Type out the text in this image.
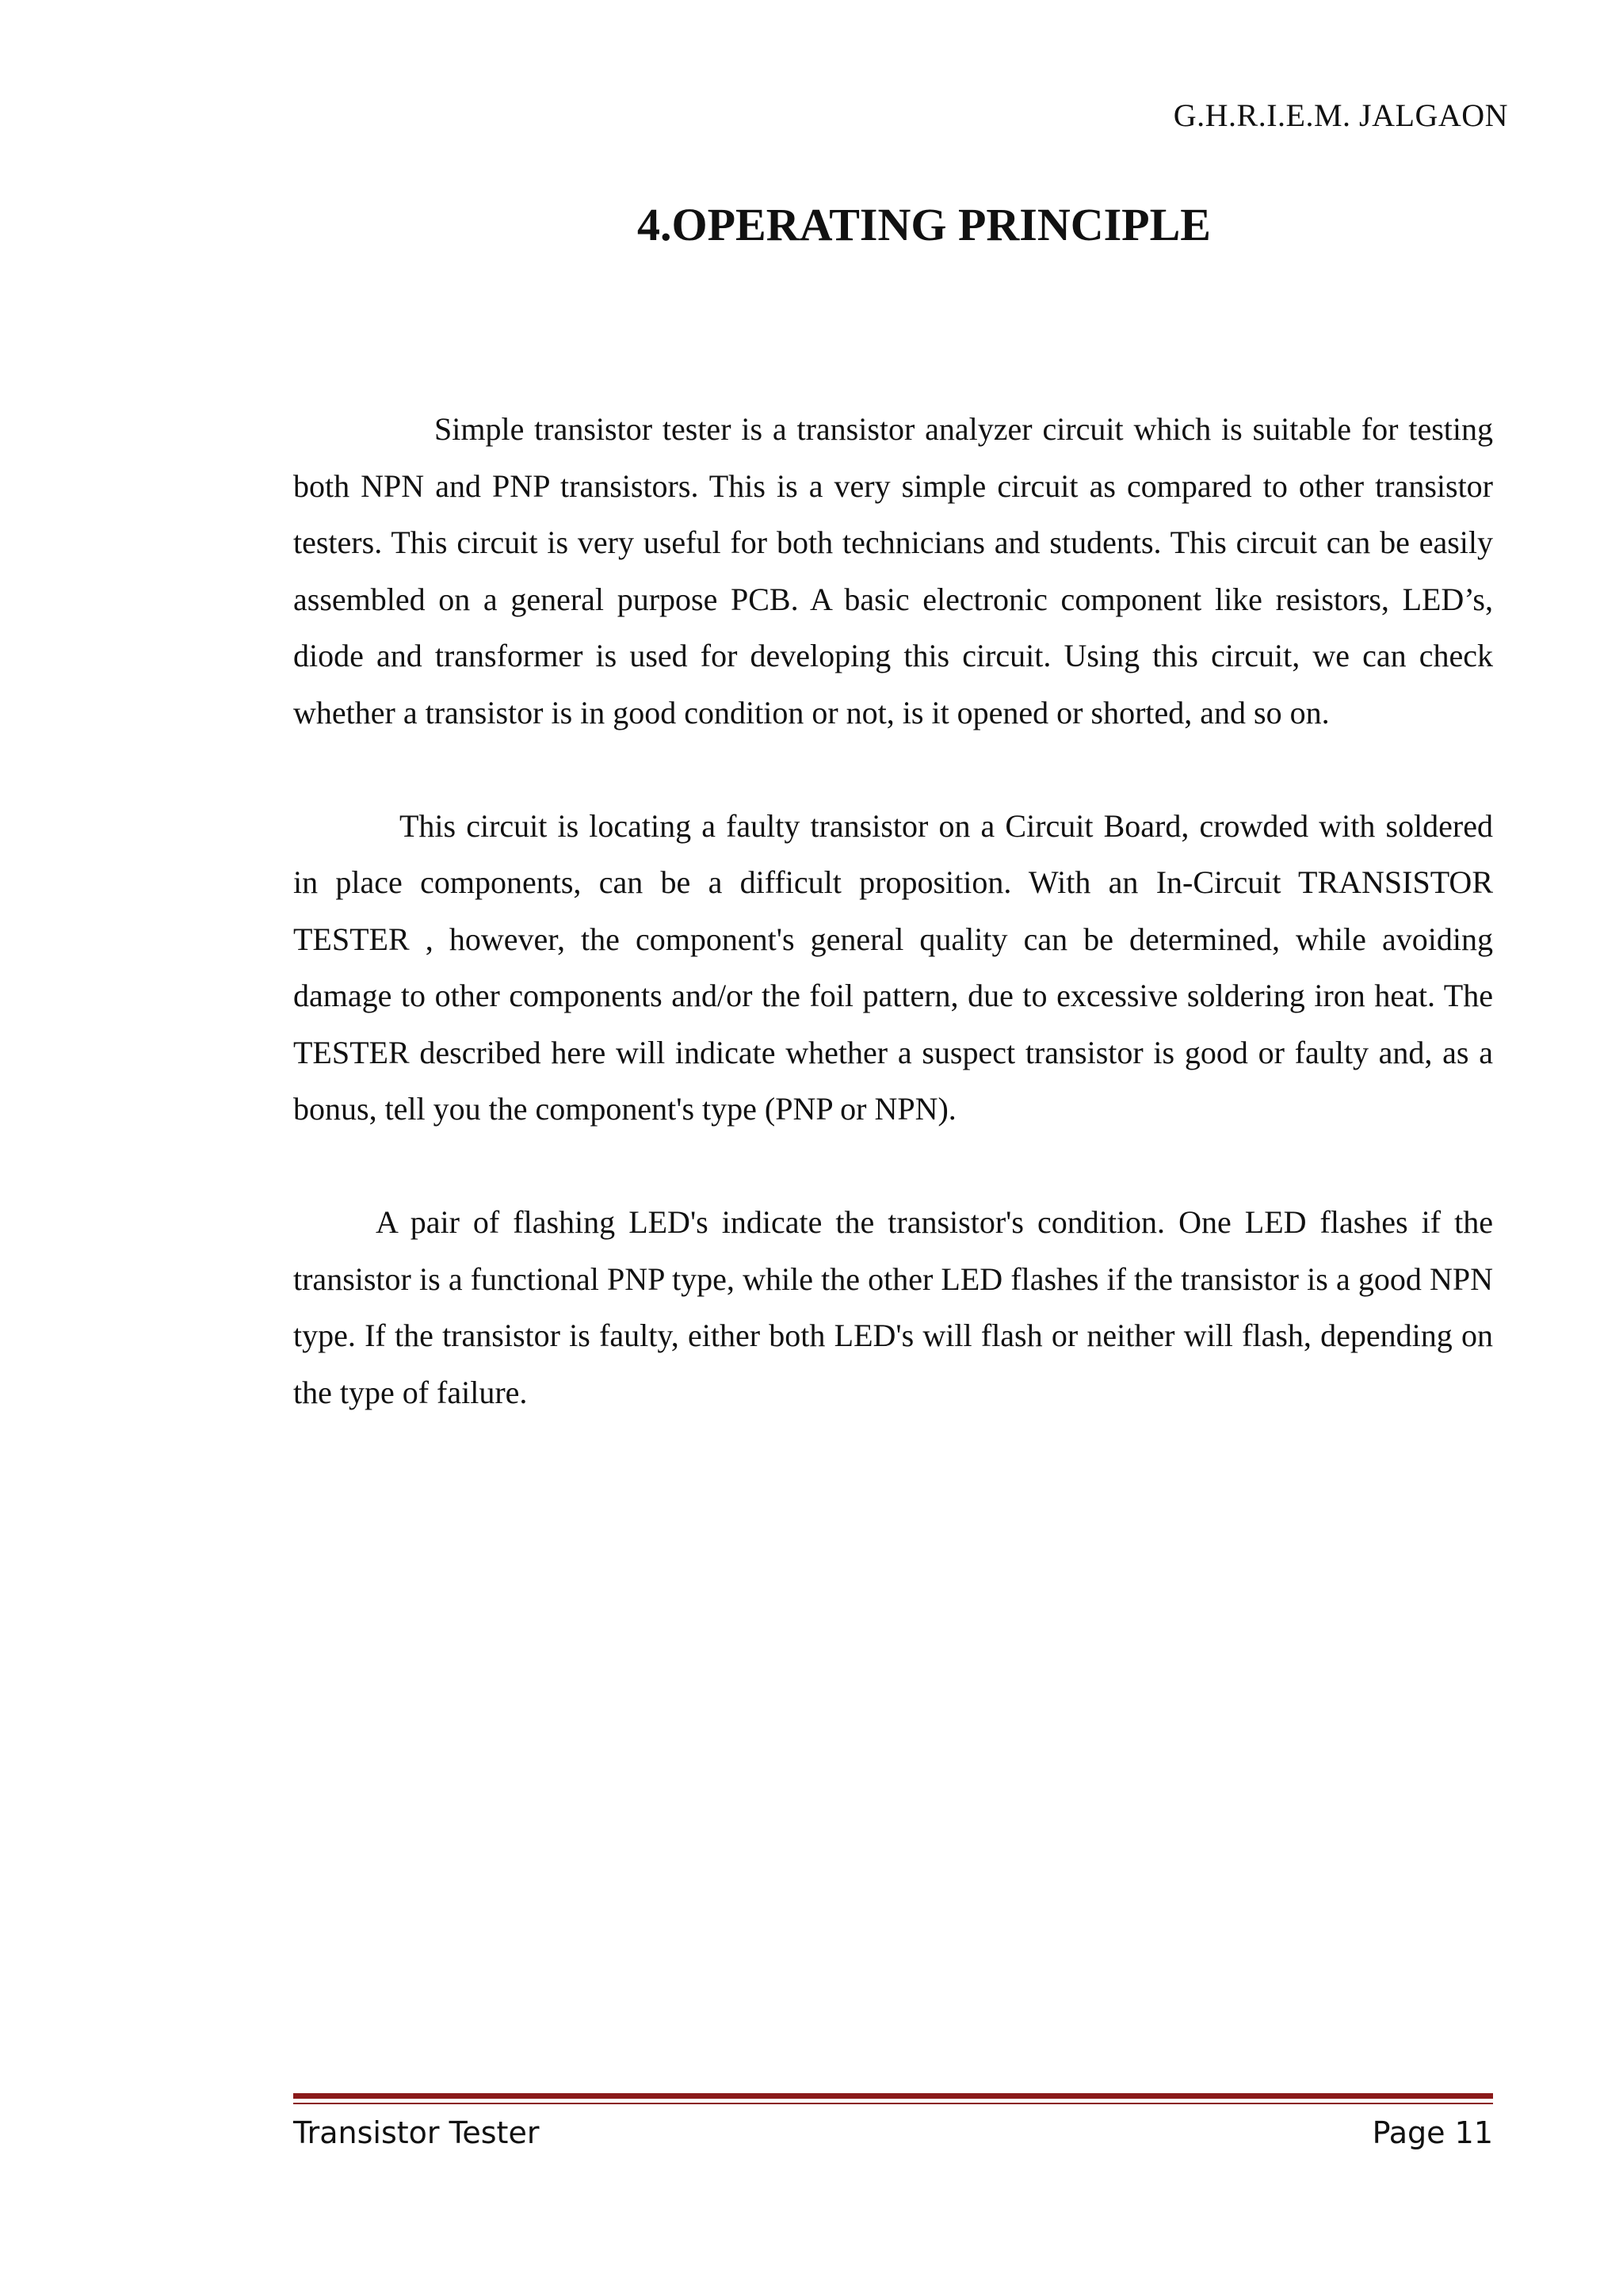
G.H.R.I.E.M. JALGAON
4.OPERATING PRINCIPLE

Simple transistor tester is a transistor analyzer circuit which is suitable for testing both NPN and PNP transistors. This is a very simple circuit as compared to other transistor testers. This circuit is very useful for both technicians and students. This circuit can be easily assembled on a general purpose PCB. A basic electronic component like resistors, LED’s, diode and transformer is used for developing this circuit. Using this circuit, we can check whether a transistor is in good condition or not, is it opened or shorted, and so on.

This circuit is locating a faulty transistor on a Circuit Board, crowded with soldered in place components, can be a difficult proposition. With an In-Circuit TRANSISTOR TESTER , however, the component's general quality can be determined, while avoiding damage to other components and/or the foil pattern, due to excessive soldering iron heat. The TESTER described here will indicate whether a suspect transistor is good or faulty and, as a bonus, tell you the component's type (PNP or NPN).

A pair of flashing LED's indicate the transistor's condition. One LED flashes if the transistor is a functional PNP type, while the other LED flashes if the transistor is a good NPN type. If the transistor is faulty, either both LED's will flash or neither will flash, depending on the type of failure.

Transistor Tester	Page 11
